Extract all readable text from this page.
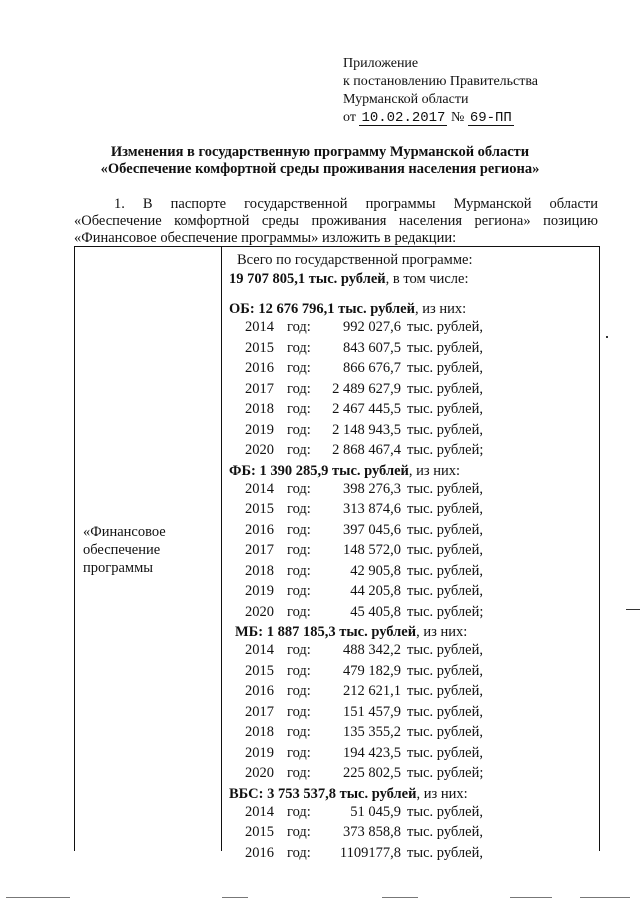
Приложение
к постановлению Правительства
Мурманской области
от 10.02.2017 № 69-ПП
Изменения в государственную программу Мурманской области
«Обеспечение комфортной среды проживания населения региона»
1. В паспорте государственной программы Мурманской области
«Обеспечение комфортной среды проживания населения региона» позицию
«Финансовое обеспечение программы» изложить в редакции:
«Финансовое
обеспечение
программы
Всего по государственной программе:
19 707 805,1 тыс. рублей, в том числе:
ОБ: 12 676 796,1 тыс. рублей, из них:
2014 год: 992 027,6 тыс. рублей,
2015 год: 843 607,5 тыс. рублей,
2016 год: 866 676,7 тыс. рублей,
2017 год: 2 489 627,9 тыс. рублей,
2018 год: 2 467 445,5 тыс. рублей,
2019 год: 2 148 943,5 тыс. рублей,
2020 год: 2 868 467,4 тыс. рублей;
ФБ: 1 390 285,9 тыс. рублей, из них:
2014 год: 398 276,3 тыс. рублей,
2015 год: 313 874,6 тыс. рублей,
2016 год: 397 045,6 тыс. рублей,
2017 год: 148 572,0 тыс. рублей,
2018 год:	42 905,8 тыс. рублей,
2019 год:	44 205,8 тыс. рублей,
2020 год:	45 405,8 тыс. рублей;
МБ: 1 887 185,3 тыс. рублей, из них:
2014 год: 488 342,2 тыс. рублей,
2015 год: 479 182,9 тыс. рублей,
2016 год: 212 621,1 тыс. рублей,
2017 год: 151 457,9 тыс. рублей,
2018 год: 135 355,2 тыс. рублей,
2019 год: 194 423,5 тыс. рублей,
2020 год: 225 802,5 тыс. рублей;
ВБС: 3 753 537,8 тыс. рублей, из них:
2014 год:	51 045,9 тыс. рублей,
2015 год: 373 858,8 тыс. рублей,
2016 год: 1109177,8 тыс. рублей,
